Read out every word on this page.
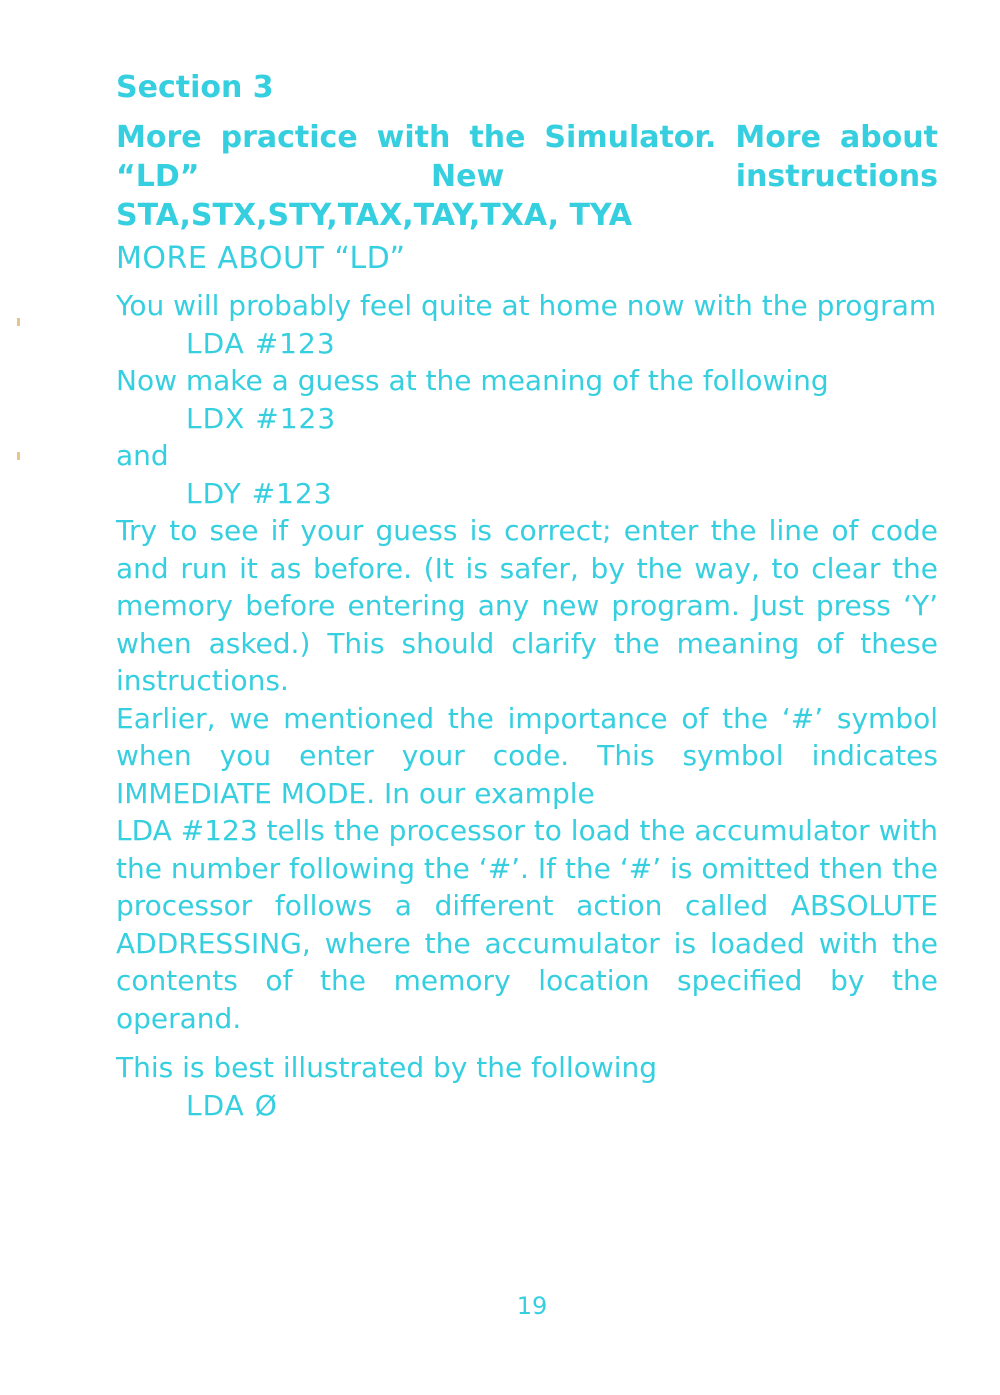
Section 3
More practice with the Simulator. More about “LD” New instructions STA,STX,STY,TAX,TAY,TXA, TYA
MORE ABOUT “LD”

You will probably feel quite at home now with the program

LDA #123

Now make a guess at the meaning of the following

LDX #123

and

LDY #123

Try to see if your guess is correct; enter the line of code and run it as before. (It is safer, by the way, to clear the memory before entering any new program. Just press ‘Y’ when asked.) This should clarify the meaning of these instructions.

Earlier, we mentioned the importance of the ‘#’ symbol when you enter your code. This symbol indicates IMMEDIATE MODE. In our example

LDA #123 tells the processor to load the accumulator with the number following the ‘#’. If the ‘#’ is omitted then the processor follows a different action called ABSOLUTE ADDRESSING, where the accumulator is loaded with the contents of the memory location specified by the operand.

This is best illustrated by the following

LDA Ø

19
